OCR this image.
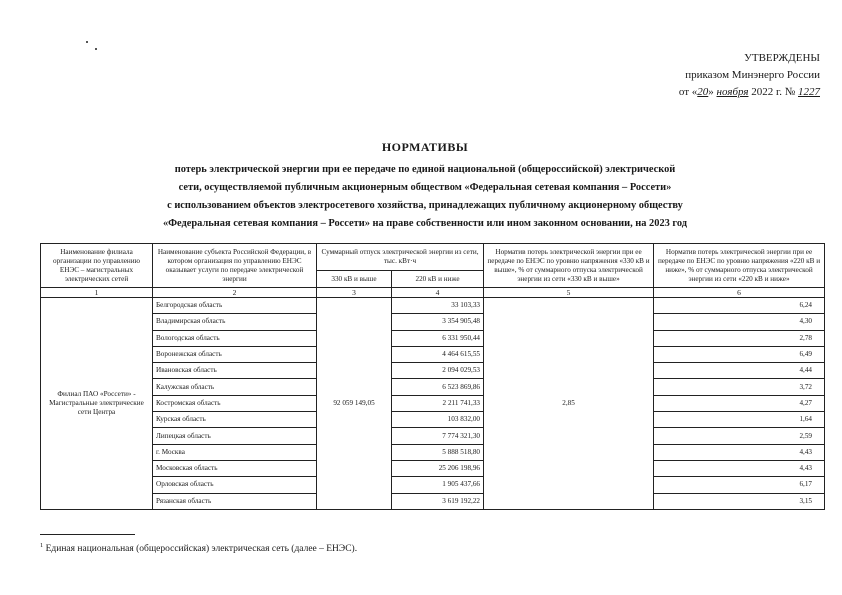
УТВЕРЖДЕНЫ
приказом Минэнерго России
от «20» ноября 2022 г. № 1227
НОРМАТИВЫ
потерь электрической энергии при ее передаче по единой национальной (общероссийской) электрической
сети, осуществляемой публичным акционерным обществом «Федеральная сетевая компания – Россети»
с использованием объектов электросетевого хозяйства, принадлежащих публичному акционерному обществу
«Федеральная сетевая компания – Россети» на праве собственности или ином законном основании, на 2023 год
Наименование филиала организации по управлению ЕНЭС – магистральных электрических сетей	Наименование субъекта Российской Федерации, в котором организация по управлению ЕНЭС оказывает услуги по передаче электрической энергии	Суммарный отпуск электрической энергии из сети, тыс. кВт·ч		Норматив потерь электрической энергии при ее передаче по ЕНЭС по уровню напряжения «330 кВ и выше», % от суммарного отпуска электрической энергии из сети «330 кВ и выше»	Норматив потерь электрической энергии при ее передаче по ЕНЭС по уровню напряжения «220 кВ и ниже», % от суммарного отпуска электрической энергии из сети «220 кВ и ниже»
		330 кВ и выше	220 кВ и ниже		
1	2	3	4	5	6
Филиал ПАО «Россети» - Магистральные электрические сети Центра	Белгородская область	92 059 149,05	33 103,33	2,85	6,24
	Владимирская область		3 354 905,48		4,30
	Вологодская область		6 331 950,44		2,78
	Воронежская область		4 464 615,55		6,49
	Ивановская область		2 094 029,53		4,44
	Калужская область		6 523 869,86		3,72
	Костромская область		2 211 741,33		4,27
	Курская область		103 832,00		1,64
	Липецкая область		7 774 321,30		2,59
	г. Москва		5 888 518,80		4,43
	Московская область		25 206 198,96		4,43
	Орловская область		1 905 437,66		6,17
	Рязанская область		3 619 192,22		3,15
$^1$ Единая национальная (общероссийская) электрическая сеть (далее – ЕНЭС).
